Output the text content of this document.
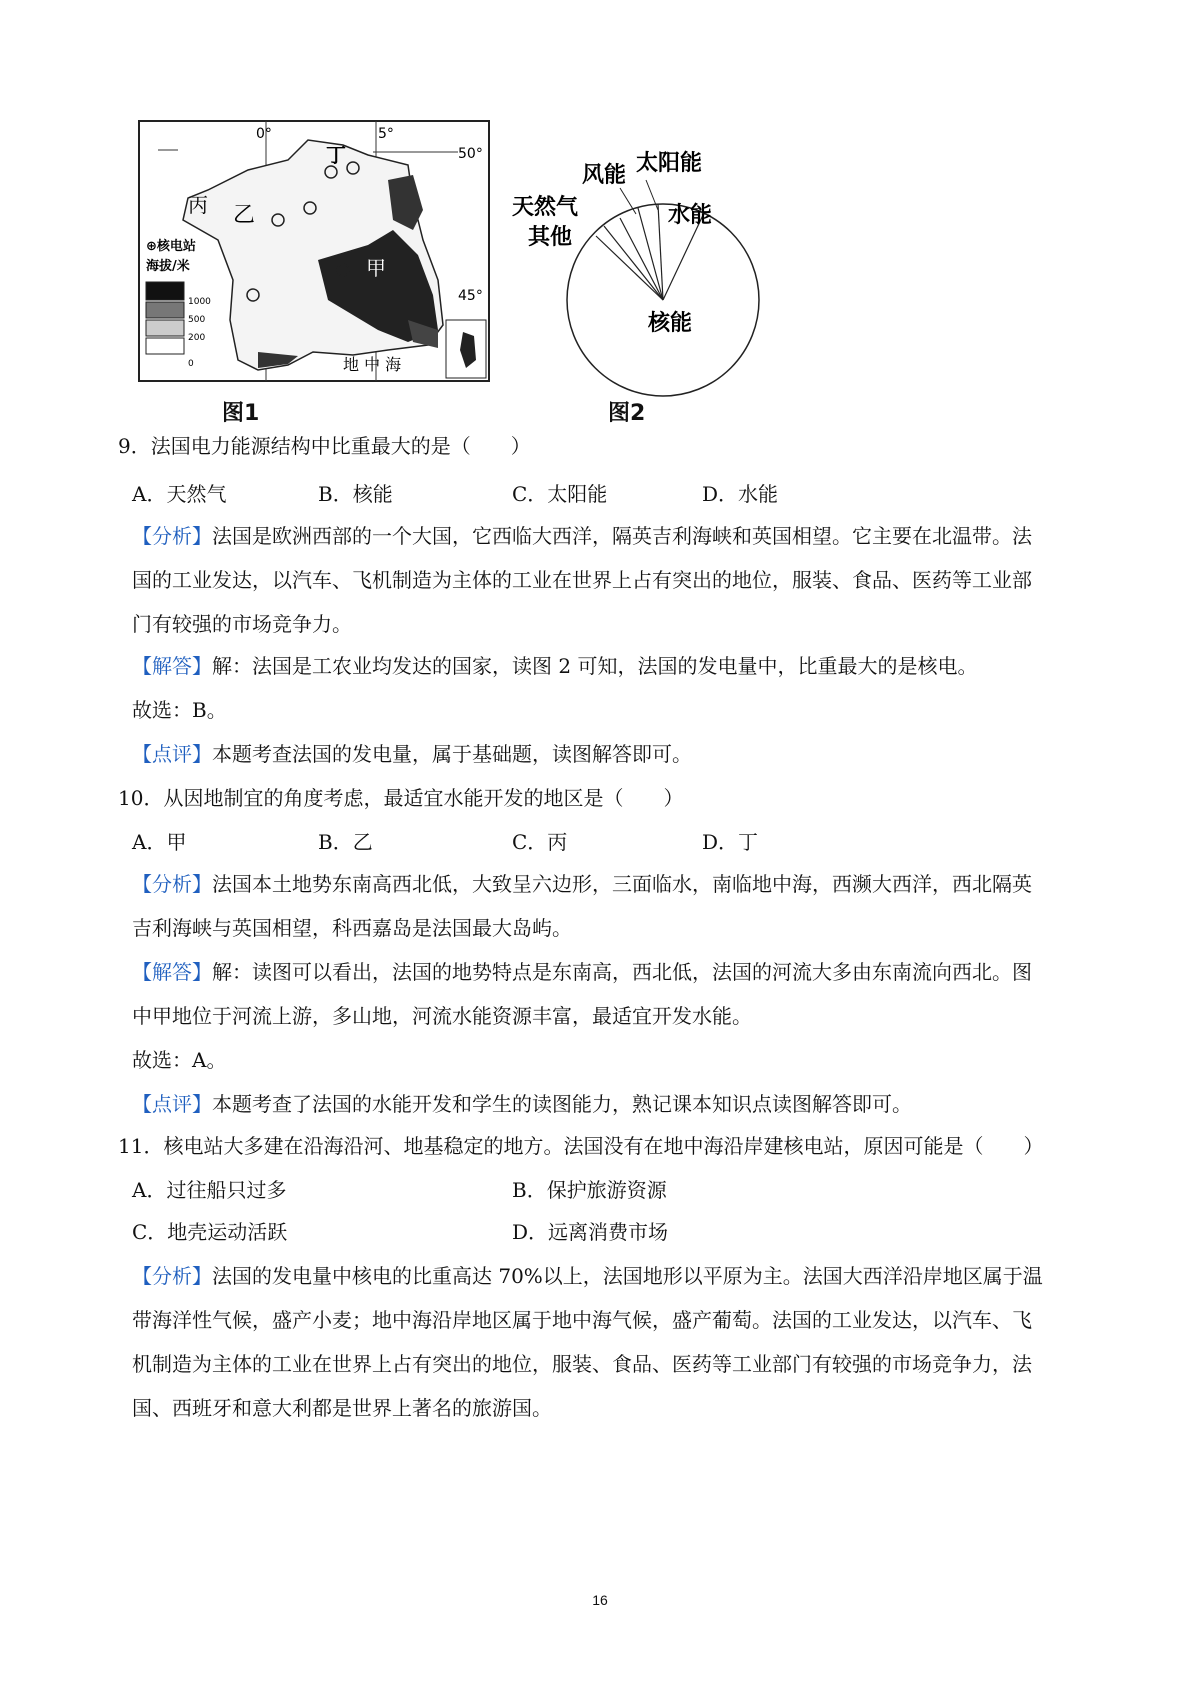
0°	5°
50°
45°
丁
丙 乙
甲
地 中 海
⊕核电站
海拔/米
1000
500
200
0
图1
风能 太阳能
天然气
其他
水能
核能
图2
9．法国电力能源结构中比重最大的是（　　）
A．天然气	B．核能	C．太阳能	D．水能
【分析】法国是欧洲西部的一个大国，它西临大西洋，隔英吉利海峡和英国相望。它主要在北温带。法
国的工业发达，以汽车、飞机制造为主体的工业在世界上占有突出的地位，服装、食品、医药等工业部
门有较强的市场竞争力。
【解答】解：法国是工农业均发达的国家，读图 2 可知，法国的发电量中，比重最大的是核电。
故选：B。
【点评】本题考查法国的发电量，属于基础题，读图解答即可。
10．从因地制宜的角度考虑，最适宜水能开发的地区是（　　）
A．甲	B．乙	C．丙	D．丁
【分析】法国本土地势东南高西北低，大致呈六边形，三面临水，南临地中海，西濒大西洋，西北隔英
吉利海峡与英国相望，科西嘉岛是法国最大岛屿。
【解答】解：读图可以看出，法国的地势特点是东南高，西北低，法国的河流大多由东南流向西北。图
中甲地位于河流上游，多山地，河流水能资源丰富，最适宜开发水能。
故选：A。
【点评】本题考查了法国的水能开发和学生的读图能力，熟记课本知识点读图解答即可。
11．核电站大多建在沿海沿河、地基稳定的地方。法国没有在地中海沿岸建核电站，原因可能是（　　）
A．过往船只过多	B．保护旅游资源
C．地壳运动活跃	D．远离消费市场
【分析】法国的发电量中核电的比重高达 70%以上，法国地形以平原为主。法国大西洋沿岸地区属于温
带海洋性气候，盛产小麦；地中海沿岸地区属于地中海气候，盛产葡萄。法国的工业发达，以汽车、飞
机制造为主体的工业在世界上占有突出的地位，服装、食品、医药等工业部门有较强的市场竞争力，法
国、西班牙和意大利都是世界上著名的旅游国。
16
